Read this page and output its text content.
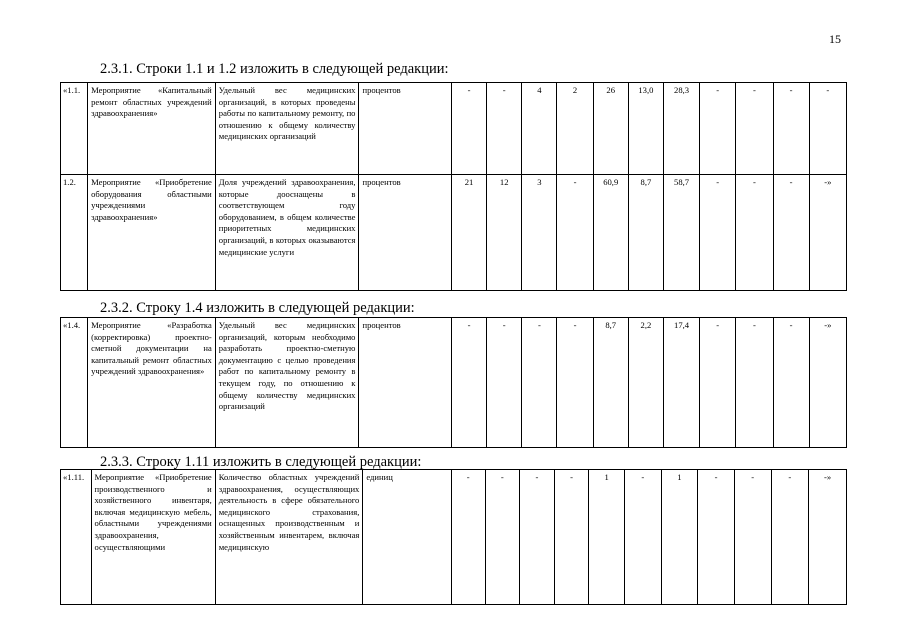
15
2.3.1. Строки 1.1 и 1.2 изложить в следующей редакции:
«1.1.	Мероприятие «Капитальный ремонт областных учреждений здравоохранения»	Удельный вес медицинских организаций, в которых проведены работы по капитальному ремонту, по отношению к общему количеству медицинских организаций	процентов	-	-	4	2	26	13,0	28,3	-	-	-	-
1.2.	Мероприятие «Приобретение оборудования областными учреждениями здравоохранения»	Доля учреждений здравоохранения, которые дооснащены в соответствующем году оборудованием, в общем количестве приоритетных медицинских организаций, в которых оказываются медицинские услуги	процентов	21	12	3	-	60,9	8,7	58,7	-	-	-	-»
2.3.2. Строку 1.4 изложить в следующей редакции:
«1.4.	Мероприятие «Разработка (корректировка) проектно-сметной документации на капитальный ремонт областных учреждений здравоохранения»	Удельный вес медицинских организаций, которым необходимо разработать проектно-сметную документацию с целью проведения работ по капитальному ремонту в текущем году, по отношению к общему количеству медицинских организаций	процентов	-	-	-	-	8,7	2,2	17,4	-	-	-	-»
2.3.3. Строку 1.11 изложить в следующей редакции:
«1.11.	Мероприятие «Приобретение производственного и хозяйственного инвентаря, включая медицинскую мебель, областными учреждениями здравоохранения, осуществляющими	Количество областных учреждений здравоохранения, осуществляющих деятельность в сфере обязательного медицинского страхования, оснащенных производственным и хозяйственным инвентарем, включая медицинскую	единиц	-	-	-	-	1	-	1	-	-	-	-»
